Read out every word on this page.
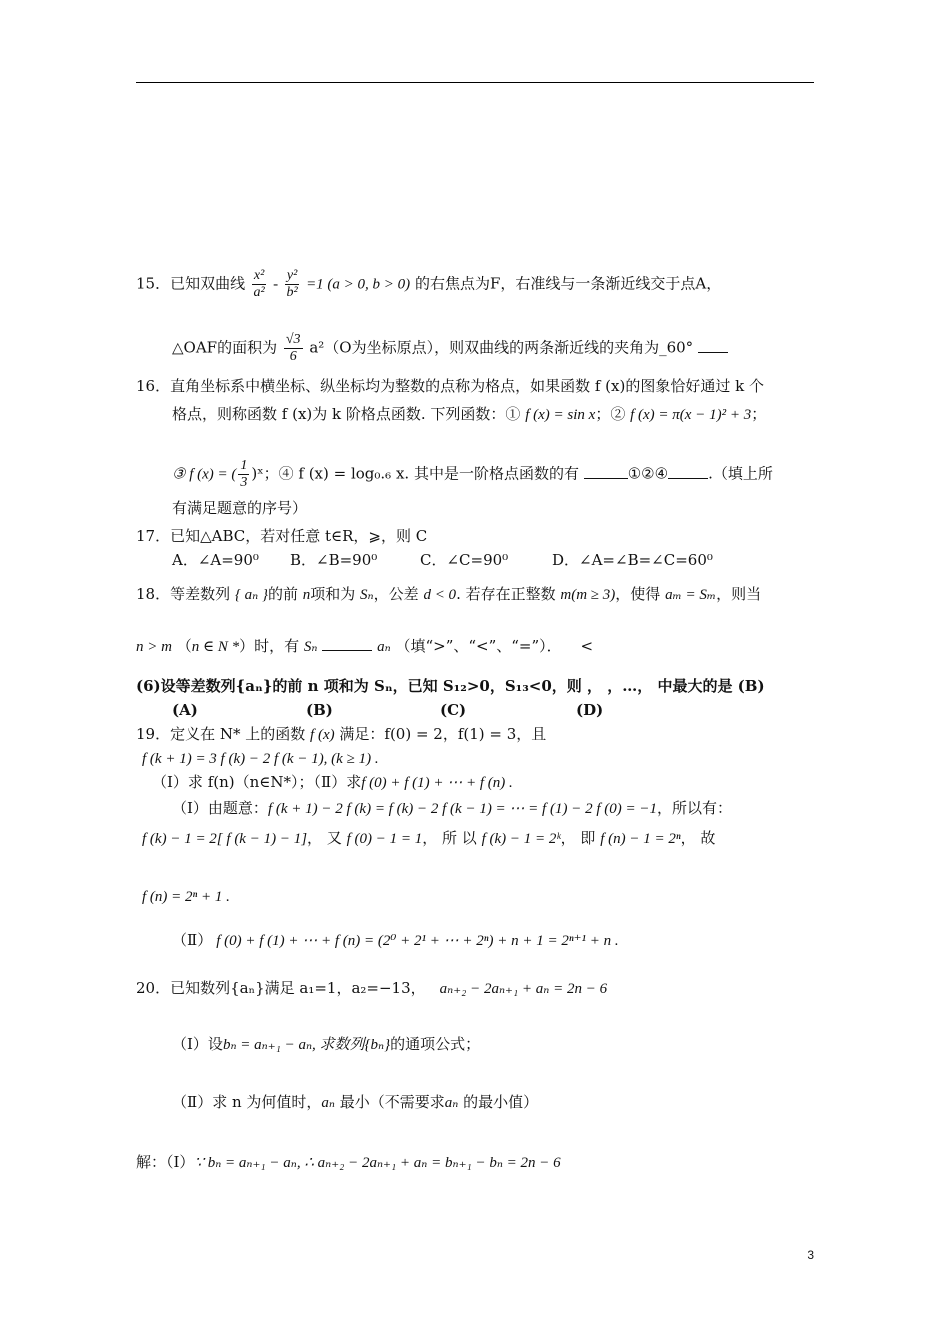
15．已知双曲线 $\frac{\text{x²}}{\text{a²}} - \frac{\text{y²}}{\text{b²}} =1$ (a > 0, b > 0) 的右焦点为F，右准线与一条渐近线交于点A，
△OAF的面积为 $\frac{√3}{6} a^2(O$为坐标原点），则双曲线的两条渐近线的夹角为_60°
16．直角坐标系中横坐标、纵坐标均为整数的点称为格点，如果函数 f (x)的图象恰好通过 k 个
格点，则称函数 f (x)为 k 阶格点函数. 下列函数：① f (x) = sin x；② f (x) = π(x − 1)² + 3；
③ f (x) = ( $\frac{1}{3}$ )ˣ；④ f (x) = log₀.₆ x. 其中是一阶格点函数的有	①②④	.（填上所
有满足题意的序号）
17．已知△ABC，若对任意 t∈R，⩾，则 C
A．∠A=90⁰ B．∠B=90⁰	C．∠C=90⁰	D．∠A=∠B=∠C=60⁰
18．等差数列 { aₙ }的前 n项和为 Sₙ，公差 d < 0. 若存在正整数 m(m ≥ 3)，使得 aₘ = Sₘ，则当
n > m （n ∈ N *）时，有 Sₙ	aₙ （填“>”、“<”、“=”）． <
(6)设等差数列{aₙ}的前 n 项和为 Sₙ，已知 S₁₂>0，S₁₃<0，则 ， ，…， 中最大的是 (B)
(A)	(B)	(C)	(D)
19．定义在 N* 上的函数 f (x) 满足：f(0) = 2，f(1) = 3，且
f (k + 1) = 3 f (k) − 2 f (k − 1), (k ≥ 1) .
（Ⅰ）求 f(n)（n∈N*）；（Ⅱ）求f (0) + f (1) + ⋯ + f (n) .
（Ⅰ）由题意：f (k + 1) − 2 f (k) = f (k) − 2 f (k − 1) = ⋯ = f (1) − 2 f (0) = −1，所以有：
f (k) − 1 = 2[ f (k − 1) − 1]， 又 f (0) − 1 = 1， 所 以 f (k) − 1 = 2ᵏ， 即 f (n) − 1 = 2ⁿ， 故
f (n) = 2ⁿ + 1 .
（Ⅱ） f (0) + f (1) + ⋯ + f (n) = (2⁰ + 2¹ + ⋯ + 2ⁿ) + n + 1 = 2ⁿ⁺¹ + n .
20．已知数列{aₙ}满足 a₁=1，a₂=−13， aₙ₊₂ − 2aₙ₊₁ + aₙ = 2n − 6
（Ⅰ）设bₙ = aₙ₊₁ − aₙ, 求数列{bₙ}的通项公式；
（Ⅱ）求 n 为何值时，aₙ 最小（不需要求aₙ 的最小值）
解：（Ⅰ）∵ bₙ = aₙ₊₁ − aₙ, ∴ aₙ₊₂ − 2aₙ₊₁ + aₙ = bₙ₊₁ − bₙ = 2n − 6
3
